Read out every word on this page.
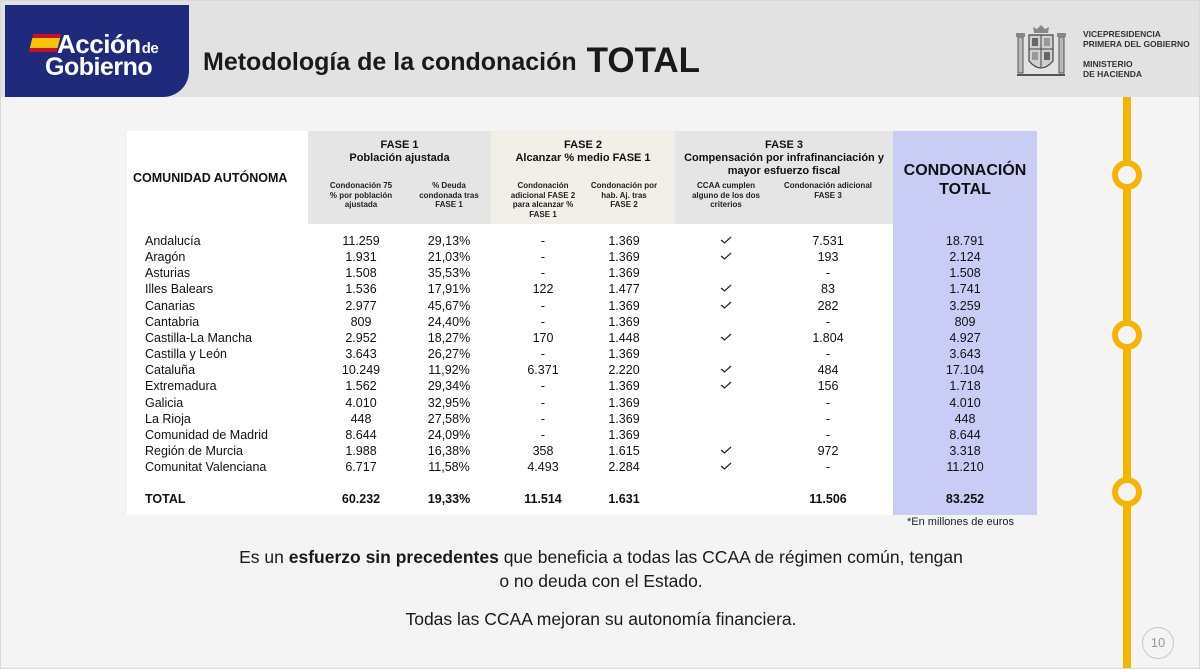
Acciónde
Gobierno Metodología de la condonación TOTAL
VICEPRESIDENCIA
PRIMERA DEL GOBIERNO
MINISTERIO
DE HACIENDA
COMUNIDAD AUTÓNOMA
FASE 1
Población ajustada
Condonación 75 % por población ajustada
% Deuda condonada tras FASE 1
FASE 2
Alcanzar % medio FASE 1
Condonación adicional FASE 2 para alcanzar % FASE 1
Condonación por hab. Aj. tras FASE 2
FASE 3
Compensación por infrafinanciación y mayor esfuerzo fiscal
CCAA cumplen alguno de los dos criterios
Condonación adicional FASE 3
CONDONACIÓN TOTAL
Andalucía	11.259	29,13%	-	1.369	7.531	18.791
Aragón	1.931	21,03%	-	1.369	193	2.124
Asturias	1.508	35,53%	-	1.369	-	1.508
Illes Balears	1.536	17,91%	122	1.477	83	1.741
Canarias	2.977	45,67%	-	1.369	282	3.259
Cantabria	809	24,40%	-	1.369	-	809
Castilla-La Mancha	2.952	18,27%	170	1.448	1.804	4.927
Castilla y León	3.643	26,27%	-	1.369	-	3.643
Cataluña	10.249	11,92%	6.371	2.220	484	17.104
Extremadura	1.562	29,34%	-	1.369	156	1.718
Galicia	4.010	32,95%	-	1.369	-	4.010
La Rioja	448	27,58%	-	1.369	-	448
Comunidad de Madrid	8.644	24,09%	-	1.369	-	8.644
Región de Murcia	1.988	16,38%	358	1.615	972	3.318
Comunitat Valenciana	6.717	11,58%	4.493	2.284	-	11.210
TOTAL	60.232	19,33%	11.514	1.631	11.506	83.252
*En millones de euros
Es un esfuerzo sin precedentes que beneficia a todas las CCAA de régimen común, tengan
o no deuda con el Estado.
Todas las CCAA mejoran su autonomía financiera.
10
